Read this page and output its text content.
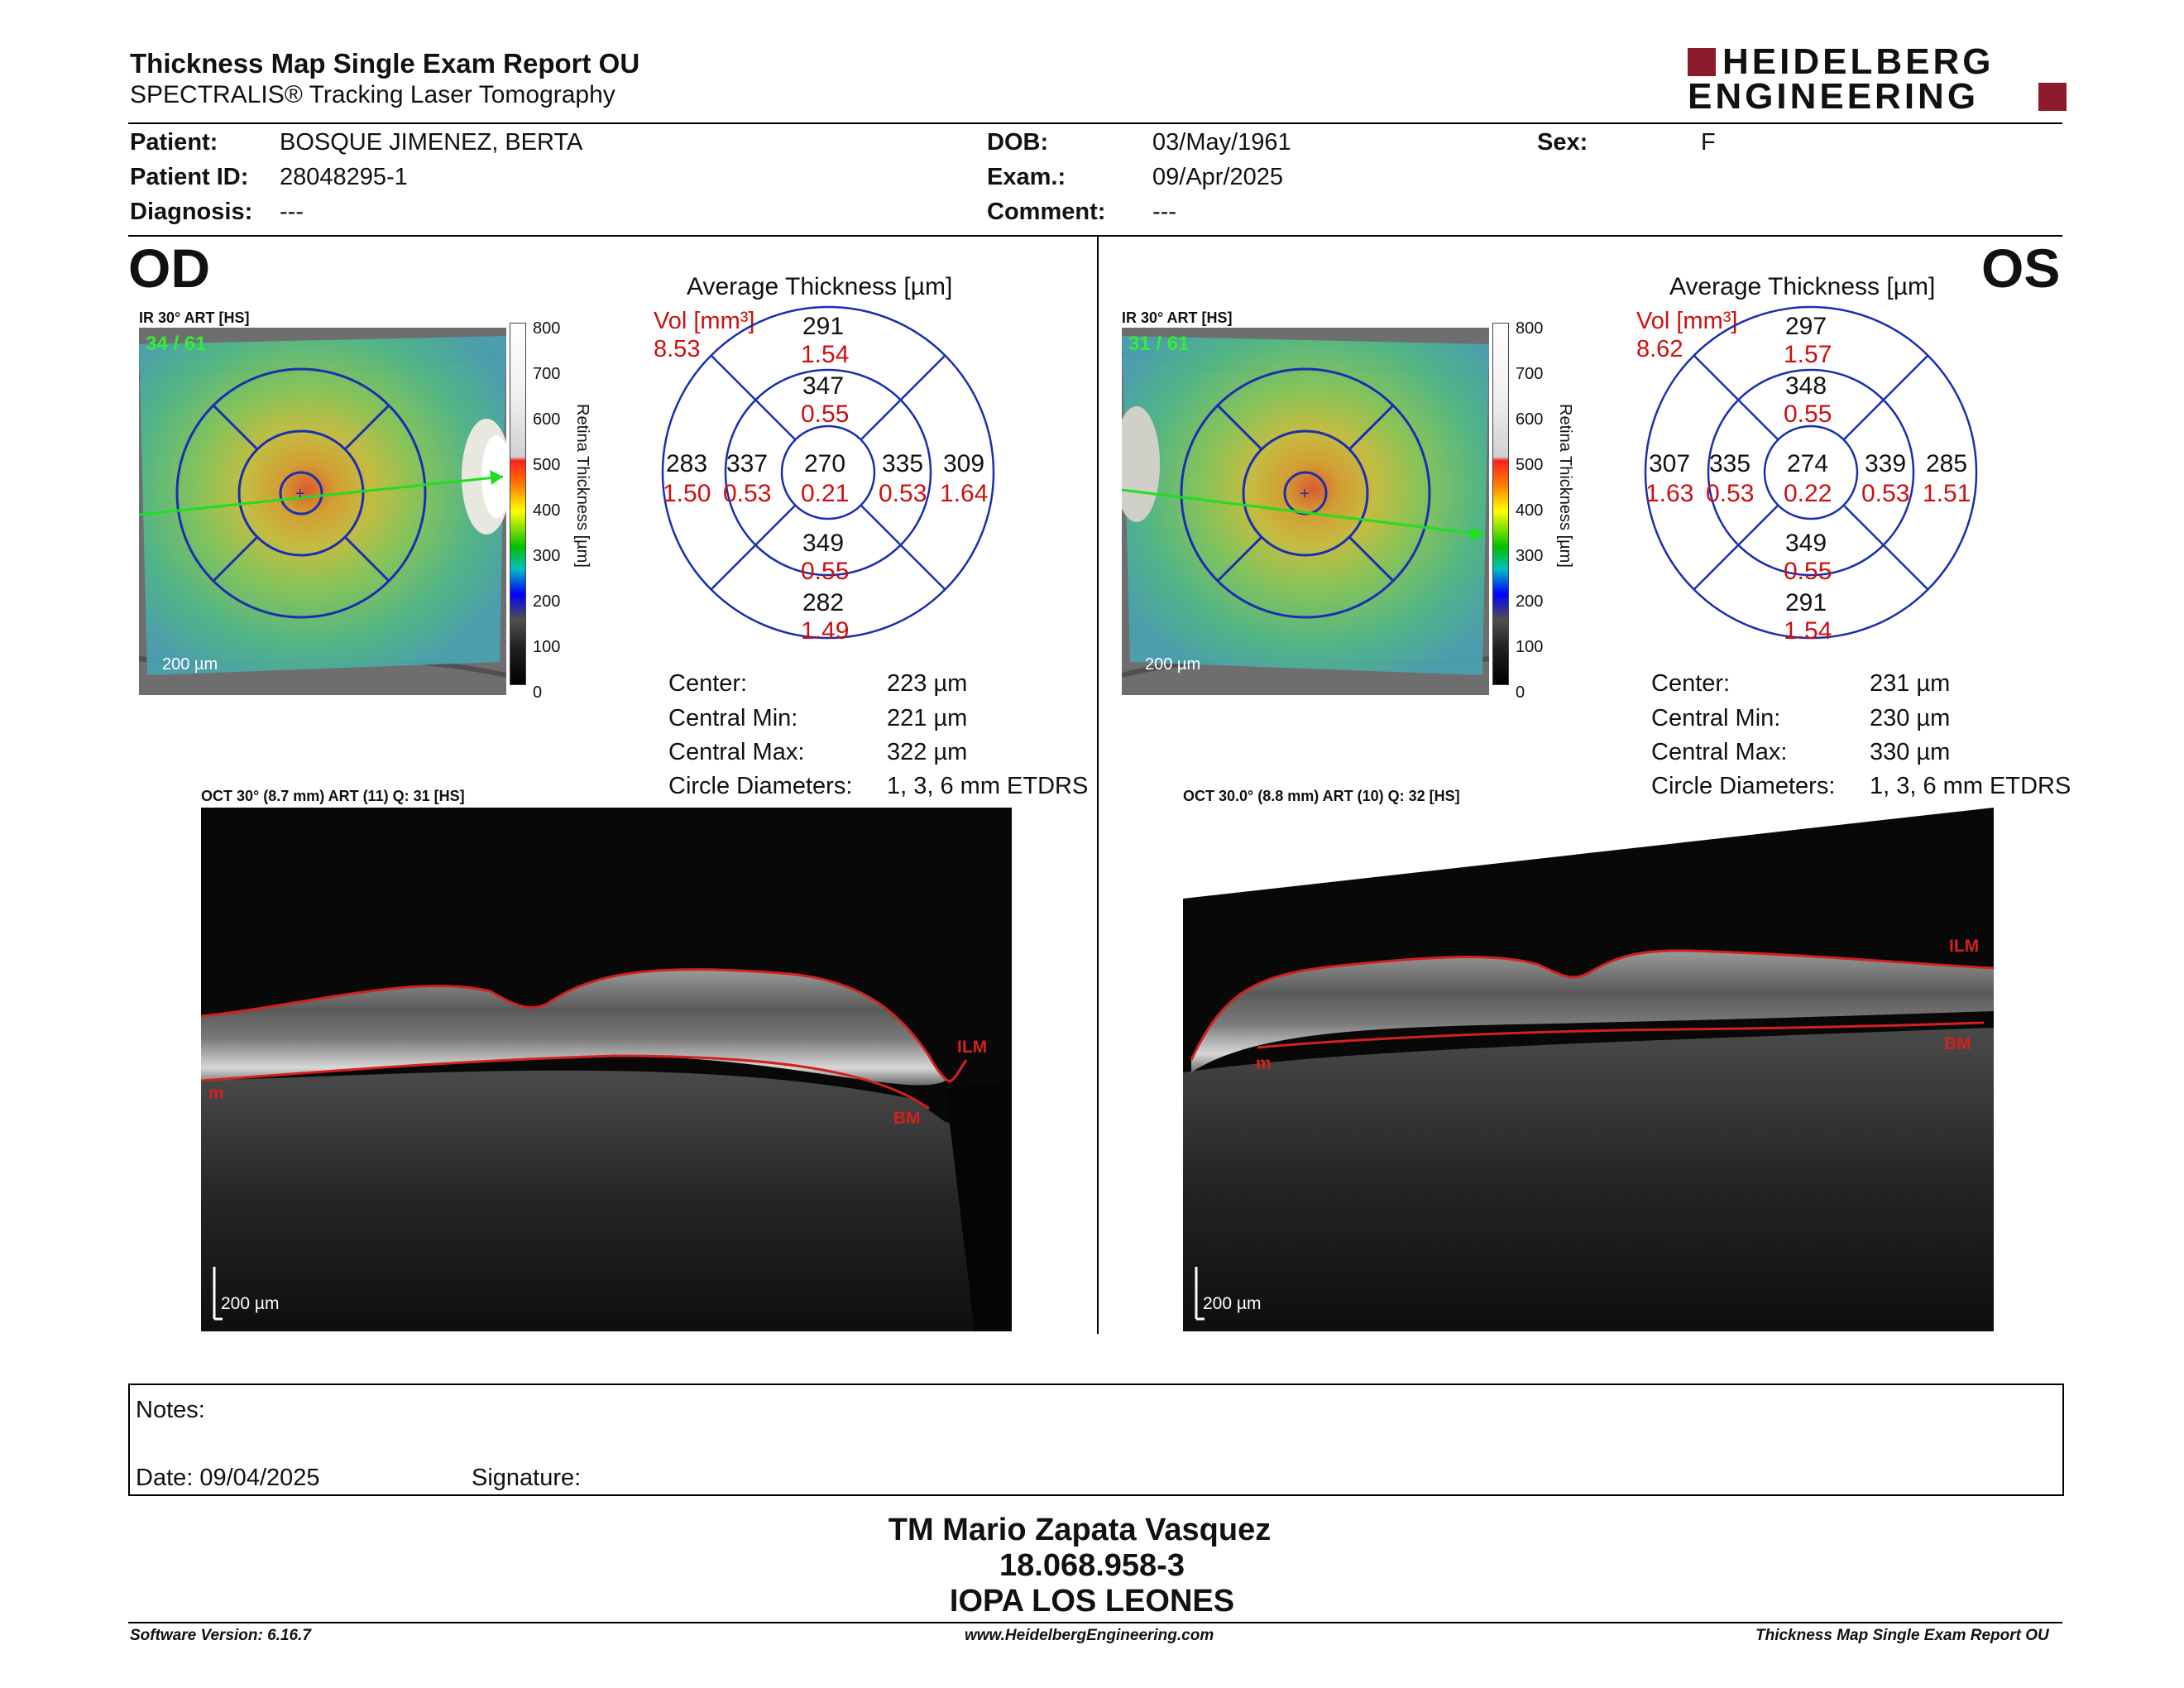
Thickness Map Single Exam Report OU
SPECTRALIS® Tracking Laser Tomography
HEIDELBERG
ENGINEERING
Patient:	BOSQUE JIMENEZ, BERTA
Patient ID: 28048295-1
Diagnosis: ---
DOB:	03/May/1961
Exam.:	09/Apr/2025
Comment: ---
Sex:	F
OD	OS
IR 30° ART [HS]
+
34 / 61
200 µm
800
700
600
500
400
300
200
100
0
Retina Thickness [µm]
Average Thickness [µm]
Vol [mm³]
8.53
291
1.54
347
0.55
283
1.50
337
0.53
270
0.21
335
0.53
309
1.64
349
0.55
282
1.49
Center:	223 µm
Central Min:	221 µm
Central Max:	322 µm
Circle Diameters: 1, 3, 6 mm ETDRS
OCT 30° (8.7 mm) ART (11) Q: 31 [HS]
ILM
BM
m
200 µm
IR 30° ART [HS]
+
31 / 61
200 µm
800
700
600
500
400
300
200
100
0
Retina Thickness [µm]
Average Thickness [µm]
Vol [mm³]
8.62
297
1.57
348
0.55
307
1.63
335
0.53
274
0.22
339
0.53
285
1.51
349
0.55
291
1.54
Center:	231 µm
Central Min:	230 µm
Central Max:	330 µm
Circle Diameters: 1, 3, 6 mm ETDRS
OCT 30.0° (8.8 mm) ART (10) Q: 32 [HS]
ILM
BM
m
200 µm
Notes:
Date: 09/04/2025	Signature:
TM Mario Zapata Vasquez
18.068.958-3
IOPA LOS LEONES
Software Version: 6.16.7	www.HeidelbergEngineering.com	Thickness Map Single Exam Report OU
